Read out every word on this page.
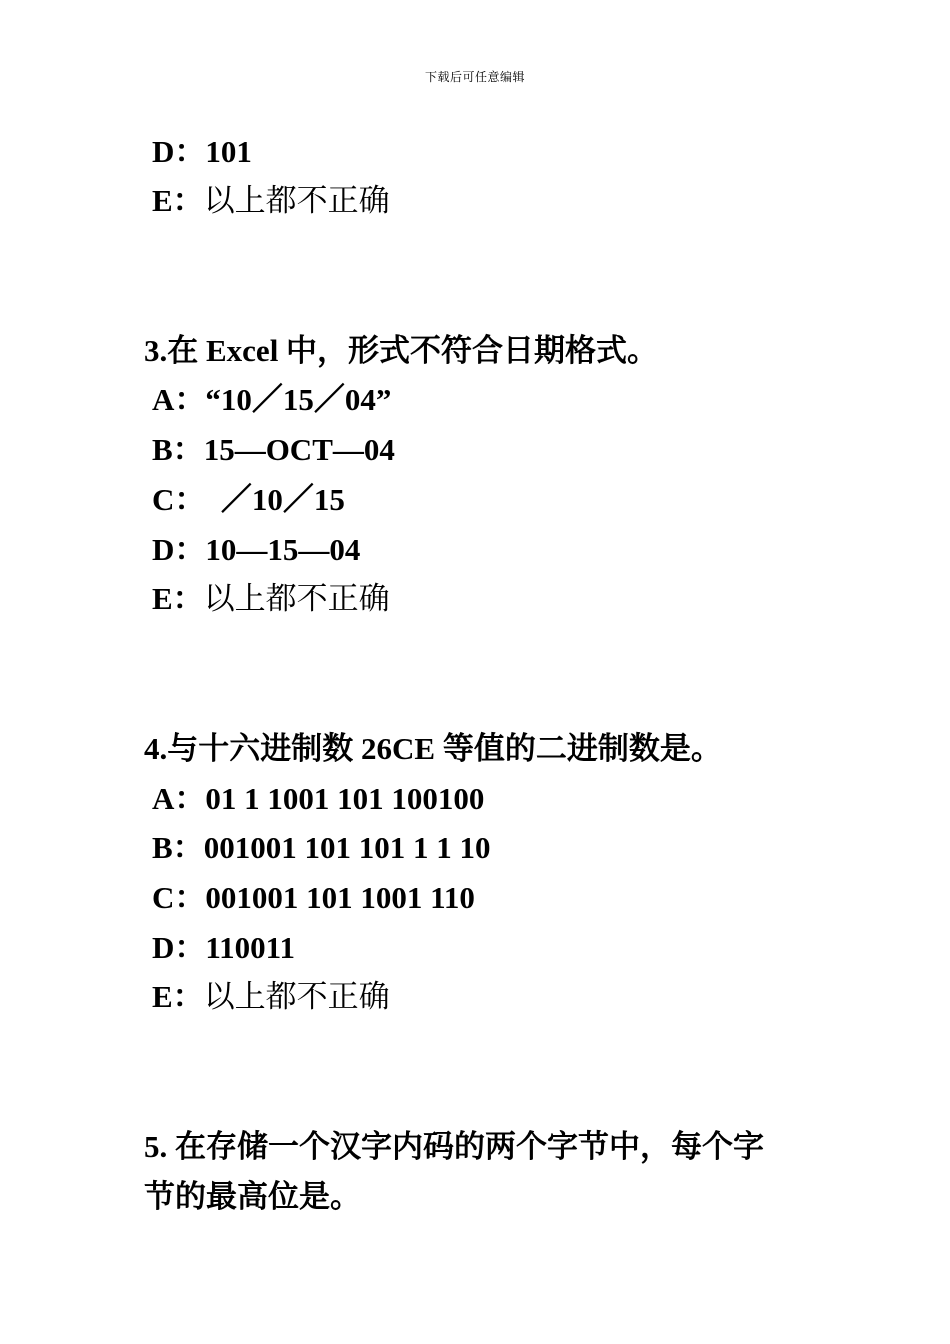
下载后可任意编辑
D：101
E：以上都不正确
3.在 Excel 中，形式不符合日期格式。
A：“10／15／04”
B：15—OCT—04
C：  ／10／15
D：10—15—04
E：以上都不正确
4.与十六进制数 26CE 等值的二进制数是。
A：01 1 1001 101 100100
B：001001 101 101 1 1 10
C：001001 101 1001 110
D：110011
E：以上都不正确
5. 在存储一个汉字内码的两个字节中，每个字
节的最高位是。
